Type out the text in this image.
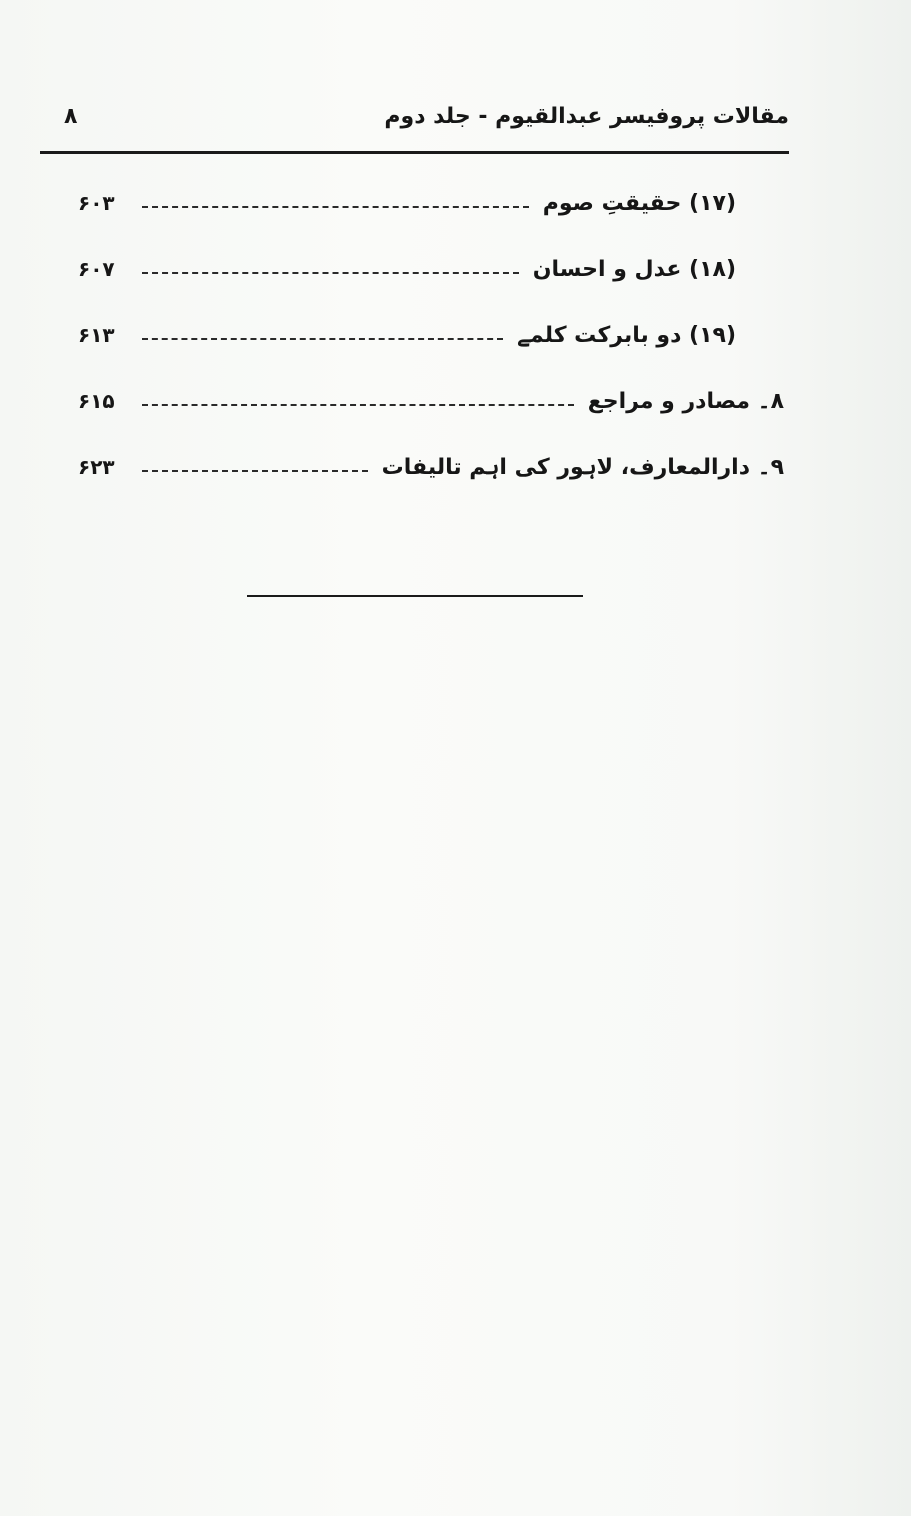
مقالات پروفیسر عبدالقیوم - جلد دوم
۸
(۱۷) حقیقتِ صوم
۶۰۳
(۱۸) عدل و احسان
۶۰۷
(۱۹) دو بابرکت کلمے
۶۱۳
۸۔ مصادر و مراجع
۶۱۵
۹۔ دارالمعارف، لاہور کی اہم تالیفات
۶۲۳
